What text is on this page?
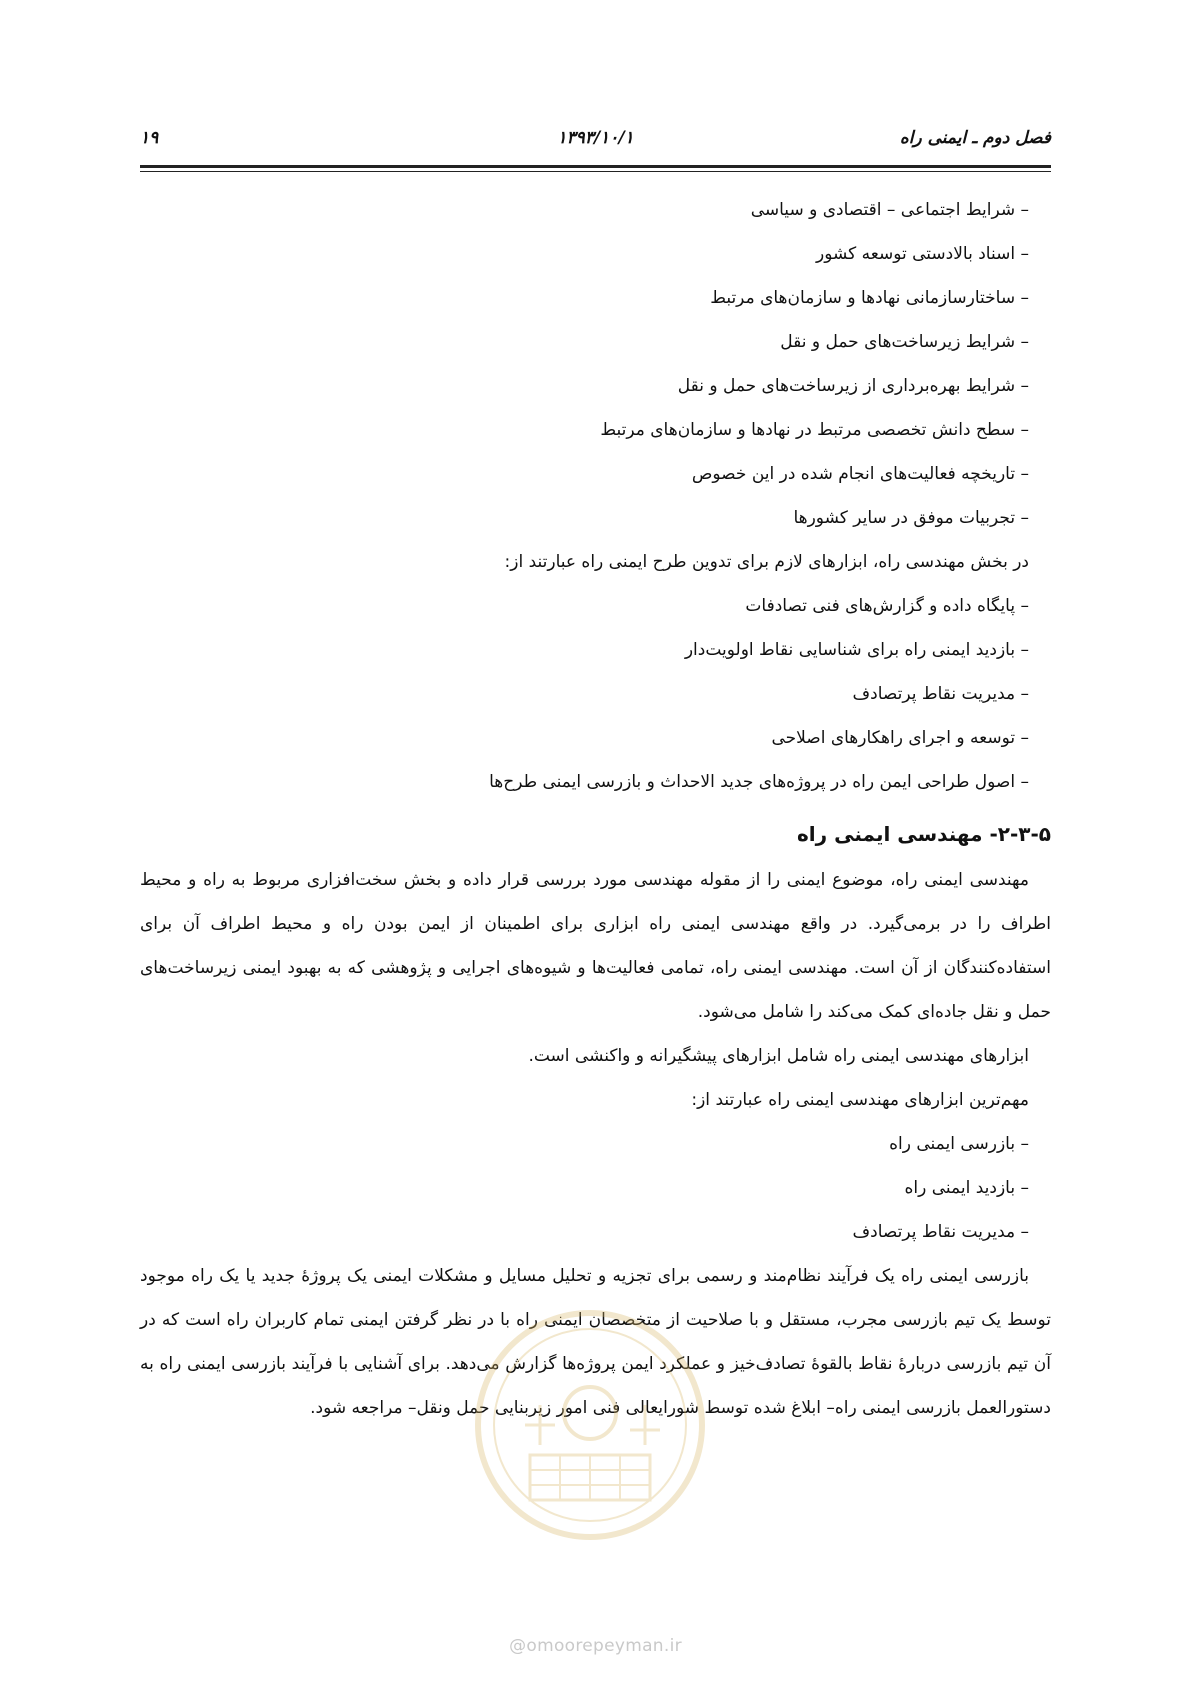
فصل دوم ـ ایمنی راه
۱۳۹۳/۱۰/۱
۱۹
– شرایط اجتماعی – اقتصادی و سیاسی
– اسناد بالادستی توسعه کشور
– ساختارسازمانی نهادها و سازمان‌های مرتبط
– شرایط زیرساخت‌های حمل و نقل
– شرایط بهره‌برداری از زیرساخت‌های حمل و نقل
– سطح دانش تخصصی مرتبط در نهادها و سازمان‌های مرتبط
– تاریخچه فعالیت‌های انجام شده در این خصوص
– تجربیات موفق در سایر کشورها

در بخش مهندسی راه، ابزارهای لازم برای تدوین طرح ایمنی راه عبارتند از:

– پایگاه داده و گزارش‌های فنی تصادفات
– بازدید ایمنی راه برای شناسایی نقاط اولویت‌دار
– مدیریت نقاط پرتصادف
– توسعه و اجرای راهکارهای اصلاحی
– اصول طراحی ایمن راه در پروژه‌های جدید الاحداث و بازرسی ایمنی طرح‌ها
۲-۳-۵- مهندسی ایمنی راه

مهندسی ایمنی راه، موضوع ایمنی را از مقوله مهندسی مورد بررسی قرار داده و بخش سخت‌افزاری مربوط به راه و محیط اطراف را در برمی‌گیرد. در واقع مهندسی ایمنی راه ابزاری برای اطمینان از ایمن بودن راه و محیط اطراف آن برای استفاده‌کنندگان از آن است. مهندسی ایمنی راه، تمامی فعالیت‌ها و شیوه‌های اجرایی و پژوهشی که به بهبود ایمنی زیرساخت‌های حمل و نقل جاده‌ای کمک می‌کند را شامل می‌شود.

ابزارهای مهندسی ایمنی راه شامل ابزارهای پیشگیرانه و واکنشی است.

مهم‌ترین ابزارهای مهندسی ایمنی راه عبارتند از:

– بازرسی ایمنی راه
– بازدید ایمنی راه
– مدیریت نقاط پرتصادف

بازرسی ایمنی راه یک فرآیند نظام‌مند و رسمی برای تجزیه و تحلیل مسایل و مشکلات ایمنی یک پروژهٔ جدید یا یک راه موجود توسط یک تیم بازرسی مجرب، مستقل و با صلاحیت از متخصصان ایمنی راه با در نظر گرفتن ایمنی تمام کاربران راه است که در آن تیم بازرسی دربارهٔ نقاط بالقوهٔ تصادف‌خیز و عملکرد ایمن پروژه‌ها گزارش می‌دهد. برای آشنایی با فرآیند بازرسی ایمنی راه به دستورالعمل بازرسی ایمنی راه– ابلاغ شده توسط شورایعالی فنی امور زیربنایی حمل ونقل– مراجعه شود.

@omoorepeyman.ir
